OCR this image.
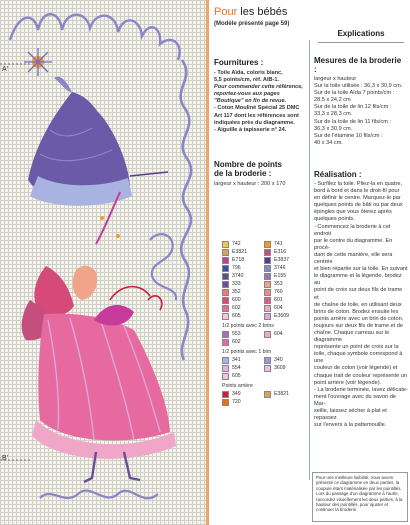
A'
B'
Pour les bébés
(Modèle présenté page 59)
Explications
Fournitures :

- Toile Aïda, coloris blanc,

5,5 points/cm, réf. AIB-1.

Pour commander cette référence,

reportez-vous aux pages

"Boutique" en fin de revue.

- Coton Mouliné Spécial 25 DMC

Art 117 dont les références sont

indiquées près du diagramme.

- Aiguille à tapisserie n° 24.

Nombre de points
de la broderie :

largeur x hauteur : 200 x 170

742	741
E3821	E316
E718	E3837
796	3746
3740	E155
333	353
352	760
600	601
602	604
605	E3609
1/2 points avec 2 brins
553	604
602
1/2 points avec 1 brin
341	340
554	3609
605
Points arrière
349	E3821
720
Mesures de la broderie :

largeur x hauteur

Sur la toile utilisée : 36,3 x 30,9 cm.

Sur de la toile Aïda 7 points/cm :

28,5 x 24,2 cm

Sur de la toile de lin 12 fils/cm :

33,3 x 28,3 cm.

Sur de la toile de lin 11 fils/cm :

36,3 x 30,9 cm.

Sur de l'étamine 10 fils/cm :

40 x 34 cm.

Réalisation :

- Surfilez la toile. Pliez-la en quatre,

bord à bord et dans le droit-fil pour

en définir le centre. Marquez-le par

quelques points de bâti ou par deux

épingles que vous ôterez après

quelques points.

- Commencez la broderie à cet endroit

par le centre du diagramme. En procé-

dant de cette manière, elle sera centrée

et bien répartie sur la toile. En suivant

le diagramme et la légende, brodez au

point de croix sur deux fils de trame et

de chaîne de toile, en utilisant deux

brins de coton. Brodez ensuite les

points arrière avec un brin de coton,

toujours sur deux fils de trame et de

chaîne. Chaque carreau sur le diagramme

représente un point de croix sur la

toile, chaque symbole correspond à une

couleur de coton (voir légende) et

chaque trait de couleur représente un

point arrière (voir légende).

- La broderie terminée, lavez délicate-

ment l'ouvrage avec du savon de Mar-

seille, laissez sécher à plat et repassez

sur l'envers à la pattemouille.

Pour une meilleure lisibilité, nous avons présenté ce diagramme en deux parties, la coupure étant matérialisée par les pointillés. Lors du passage d'un diagramme à l'autre, raccordez visuellement les deux parties, à la hauteur des pointillés, pour ajuster et continuer la broderie.
